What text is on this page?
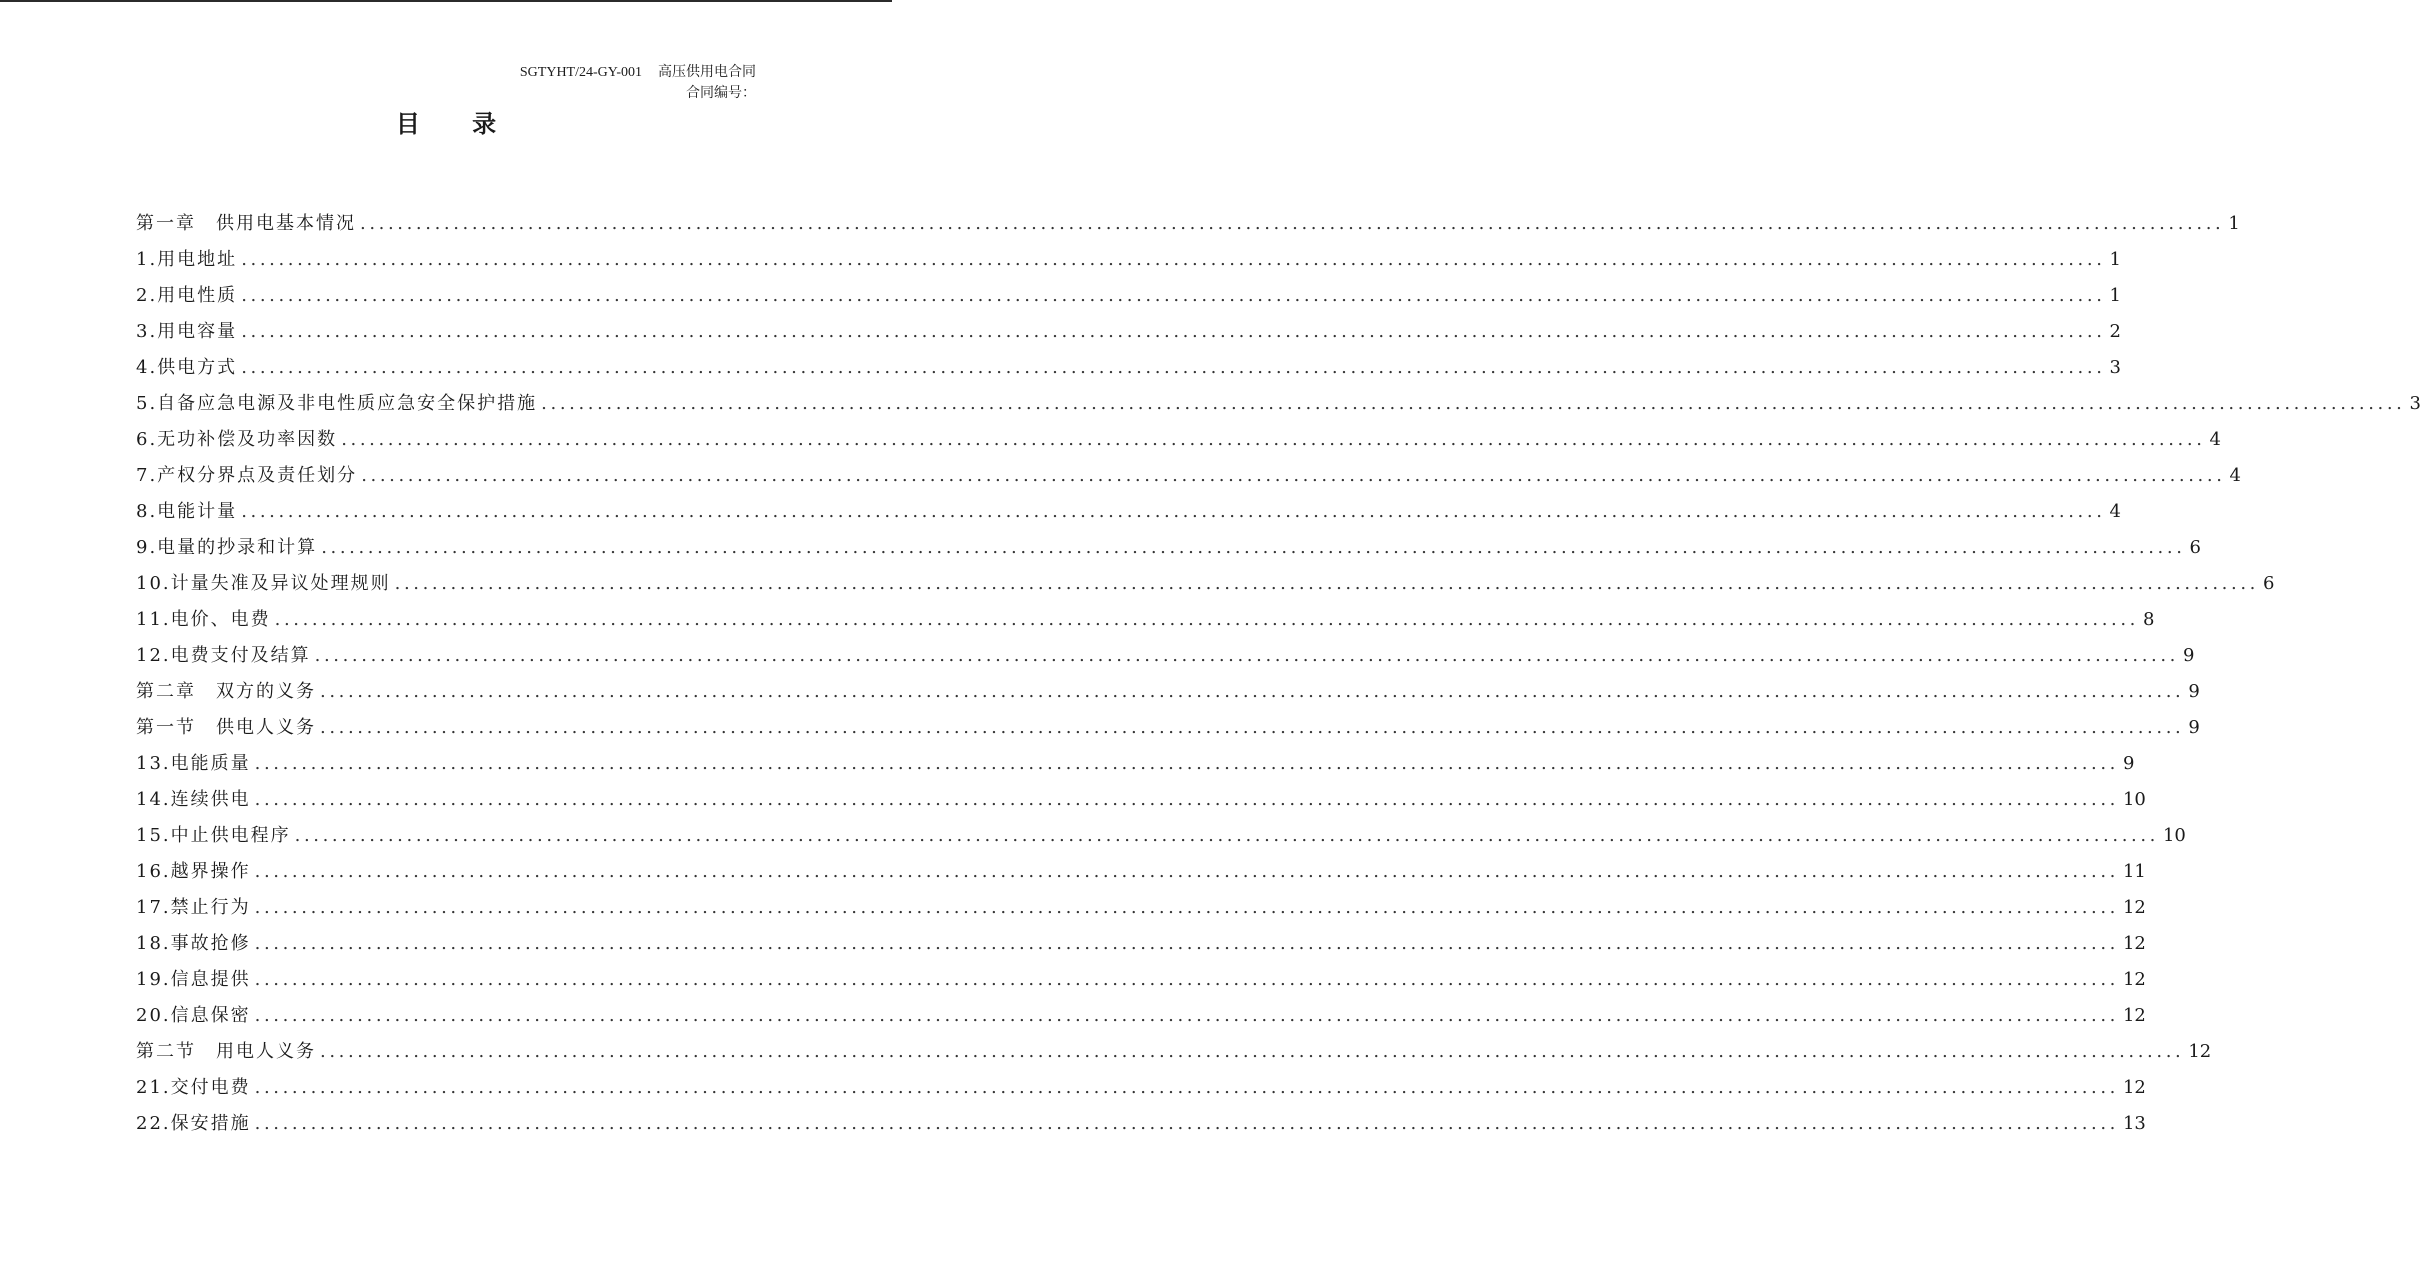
SGTYHT/24-GY-001 高压供用电合同
合同编号：
目 录
第一章　供用电基本情况 ........................................................................................................................................................................................................ 1
1.用电地址 ........................................................................................................................................................................................................ 1
2.用电性质 ........................................................................................................................................................................................................ 1
3.用电容量 ........................................................................................................................................................................................................ 2
4.供电方式 ........................................................................................................................................................................................................ 3
5.自备应急电源及非电性质应急安全保护措施 ........................................................................................................................................................................................................ 3
6.无功补偿及功率因数 ........................................................................................................................................................................................................ 4
7.产权分界点及责任划分 ........................................................................................................................................................................................................ 4
8.电能计量 ........................................................................................................................................................................................................ 4
9.电量的抄录和计算 ........................................................................................................................................................................................................ 6
10.计量失准及异议处理规则 ........................................................................................................................................................................................................ 6
11.电价、电费 ........................................................................................................................................................................................................ 8
12.电费支付及结算 ........................................................................................................................................................................................................ 9
第二章　双方的义务 ........................................................................................................................................................................................................ 9
第一节　供电人义务 ........................................................................................................................................................................................................ 9
13.电能质量 ........................................................................................................................................................................................................ 9
14.连续供电 ........................................................................................................................................................................................................ 10
15.中止供电程序 ........................................................................................................................................................................................................ 10
16.越界操作 ........................................................................................................................................................................................................ 11
17.禁止行为 ........................................................................................................................................................................................................ 12
18.事故抢修 ........................................................................................................................................................................................................ 12
19.信息提供 ........................................................................................................................................................................................................ 12
20.信息保密 ........................................................................................................................................................................................................ 12
第二节　用电人义务 ........................................................................................................................................................................................................ 12
21.交付电费 ........................................................................................................................................................................................................ 12
22.保安措施 ........................................................................................................................................................................................................ 13
